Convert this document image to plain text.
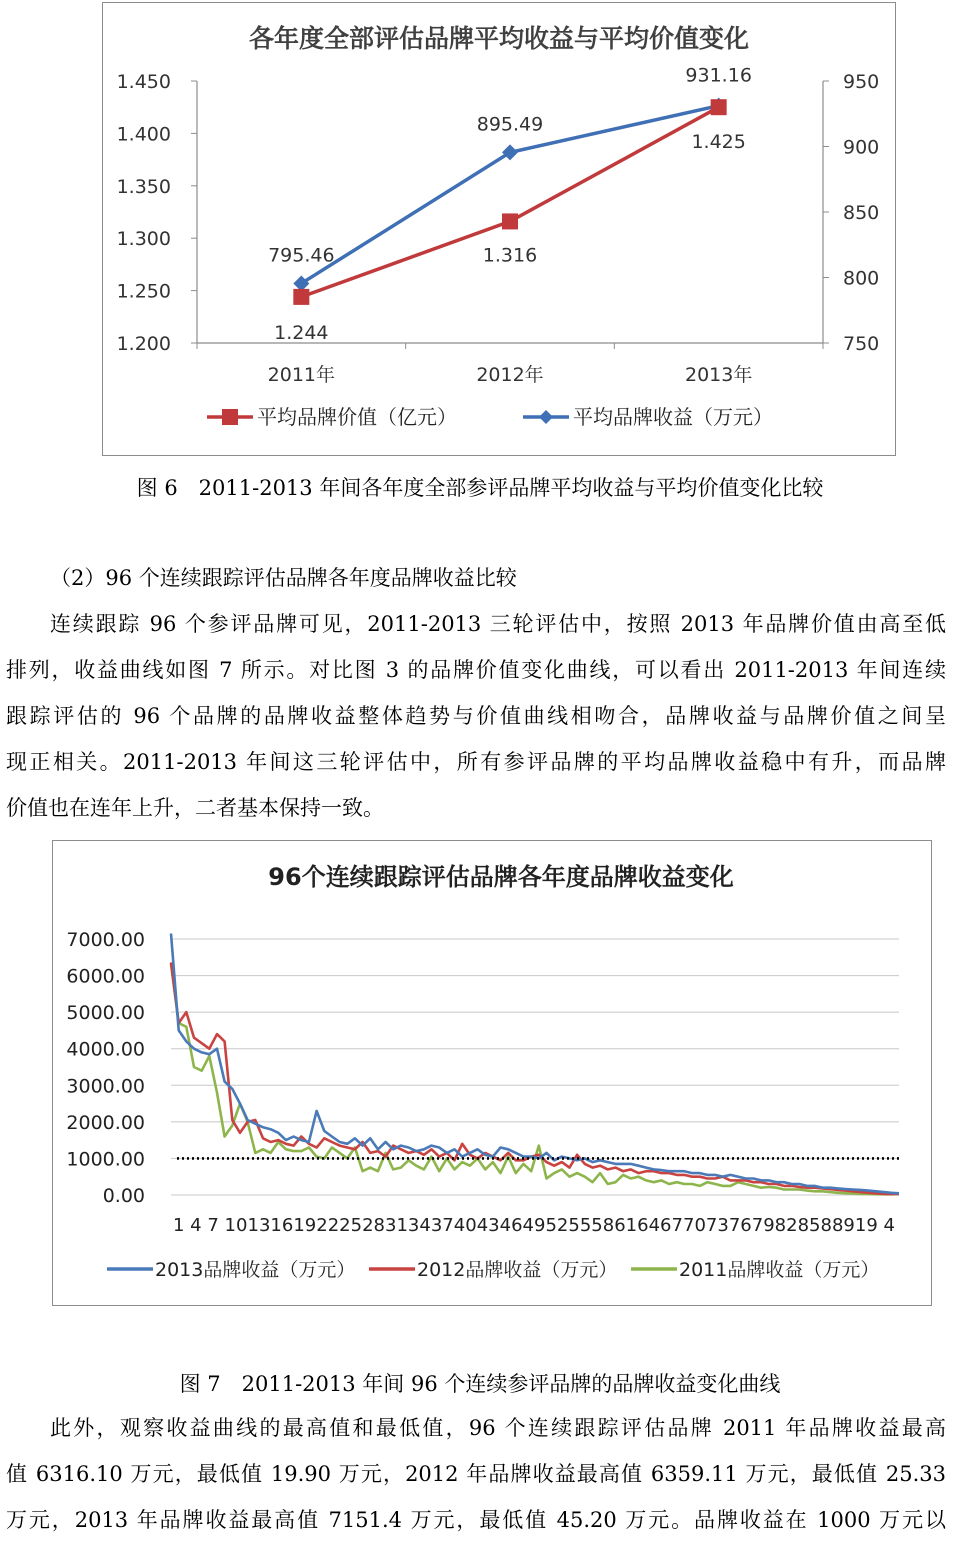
各年度全部评估品牌平均收益与平均价值变化
1.200
1.250
1.300
1.350
1.400
1.450
750
800
850
900
950
2011年	2012年	2013年
795.46
895.49
931.16
1.244
1.316
1.425
平均品牌价值（亿元）	平均品牌收益（万元）
图 6　2011-2013 年间各年度全部参评品牌平均收益与平均价值变化比较
（2）96 个连续跟踪评估品牌各年度品牌收益比较
连续跟踪 96 个参评品牌可见，2011-2013 三轮评估中，按照 2013 年品牌价值由高至低
排列，收益曲线如图 7 所示。对比图 3 的品牌价值变化曲线，可以看出 2011-2013 年间连续
跟踪评估的 96 个品牌的品牌收益整体趋势与价值曲线相吻合，品牌收益与品牌价值之间呈
现正相关。2011-2013 年间这三轮评估中，所有参评品牌的平均品牌收益稳中有升，而品牌
价值也在连年上升，二者基本保持一致。
96个连续跟踪评估品牌各年度品牌收益变化
0.00
1000.00
2000.00
3000.00
4000.00
5000.00
6000.00
7000.00
1 4 7 101316192225283134374043464952555861646770737679828588919 4
2013品牌收益（万元）	2012品牌收益（万元）	2011品牌收益（万元）
图 7　2011-2013 年间 96 个连续参评品牌的品牌收益变化曲线
此外，观察收益曲线的最高值和最低值，96 个连续跟踪评估品牌 2011 年品牌收益最高
值 6316.10 万元，最低值 19.90 万元，2012 年品牌收益最高值 6359.11 万元，最低值 25.33
万元，2013 年品牌收益最高值 7151.4 万元，最低值 45.20 万元。品牌收益在 1000 万元以
